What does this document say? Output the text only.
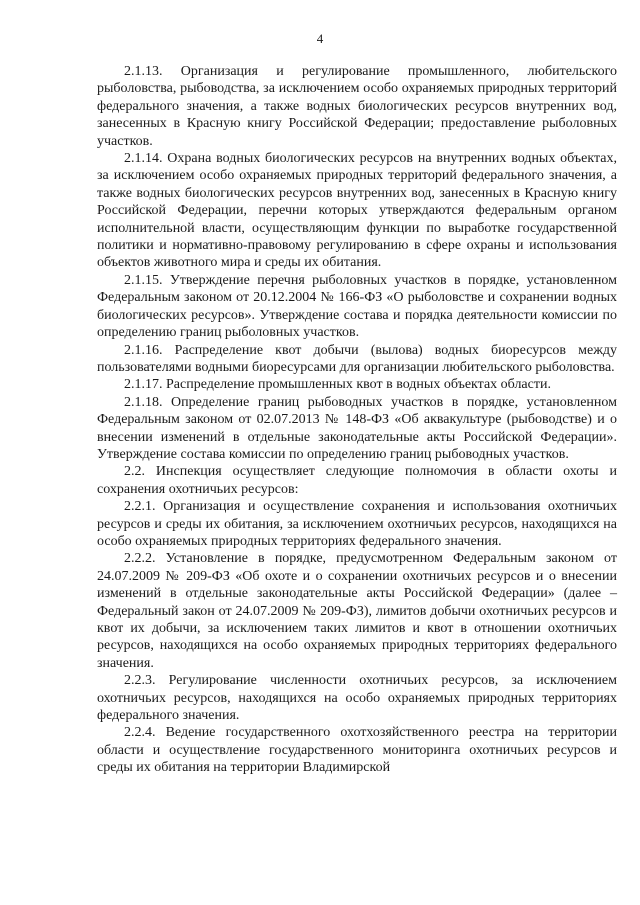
4

2.1.13. Организация и регулирование промышленного, любительского рыболовства, рыбоводства, за исключением особо охраняемых природных территорий федерального значения, а также водных биологических ресурсов внутренних вод, занесенных в Красную книгу Российской Федерации; предоставление рыболовных участков.

2.1.14. Охрана водных биологических ресурсов на внутренних водных объектах, за исключением особо охраняемых природных территорий федерального значения, а также водных биологических ресурсов внутренних вод, занесенных в Красную книгу Российской Федерации, перечни которых утверждаются федеральным органом исполнительной власти, осуществляющим функции по выработке государственной политики и нормативно-правовому регулированию в сфере охраны и использования объектов животного мира и среды их обитания.

2.1.15. Утверждение перечня рыболовных участков в порядке, установленном Федеральным законом от 20.12.2004 № 166-ФЗ «О рыболовстве и сохранении водных биологических ресурсов». Утверждение состава и порядка деятельности комиссии по определению границ рыболовных участков.

2.1.16. Распределение квот добычи (вылова) водных биоресурсов между пользователями водными биоресурсами для организации любительского рыболовства.

2.1.17. Распределение промышленных квот в водных объектах области.

2.1.18. Определение границ рыбоводных участков в порядке, установленном Федеральным законом от 02.07.2013 № 148-ФЗ «Об аквакультуре (рыбоводстве) и о внесении изменений в отдельные законодательные акты Российской Федерации». Утверждение состава комиссии по определению границ рыбоводных участков.

2.2. Инспекция осуществляет следующие полномочия в области охоты и сохранения охотничьих ресурсов:

2.2.1. Организация и осуществление сохранения и использования охотничьих ресурсов и среды их обитания, за исключением охотничьих ресурсов, находящихся на особо охраняемых природных территориях федерального значения.

2.2.2. Установление в порядке, предусмотренном Федеральным законом от 24.07.2009 № 209-ФЗ «Об охоте и о сохранении охотничьих ресурсов и о внесении изменений в отдельные законодательные акты Российской Федерации» (далее – Федеральный закон от 24.07.2009 № 209-ФЗ), лимитов добычи охотничьих ресурсов и квот их добычи, за исключением таких лимитов и квот в отношении охотничьих ресурсов, находящихся на особо охраняемых природных территориях федерального значения.

2.2.3. Регулирование численности охотничьих ресурсов, за исключением охотничьих ресурсов, находящихся на особо охраняемых природных территориях федерального значения.

2.2.4. Ведение государственного охотхозяйственного реестра на территории области и осуществление государственного мониторинга охотничьих ресурсов и среды их обитания на территории Владимирской
